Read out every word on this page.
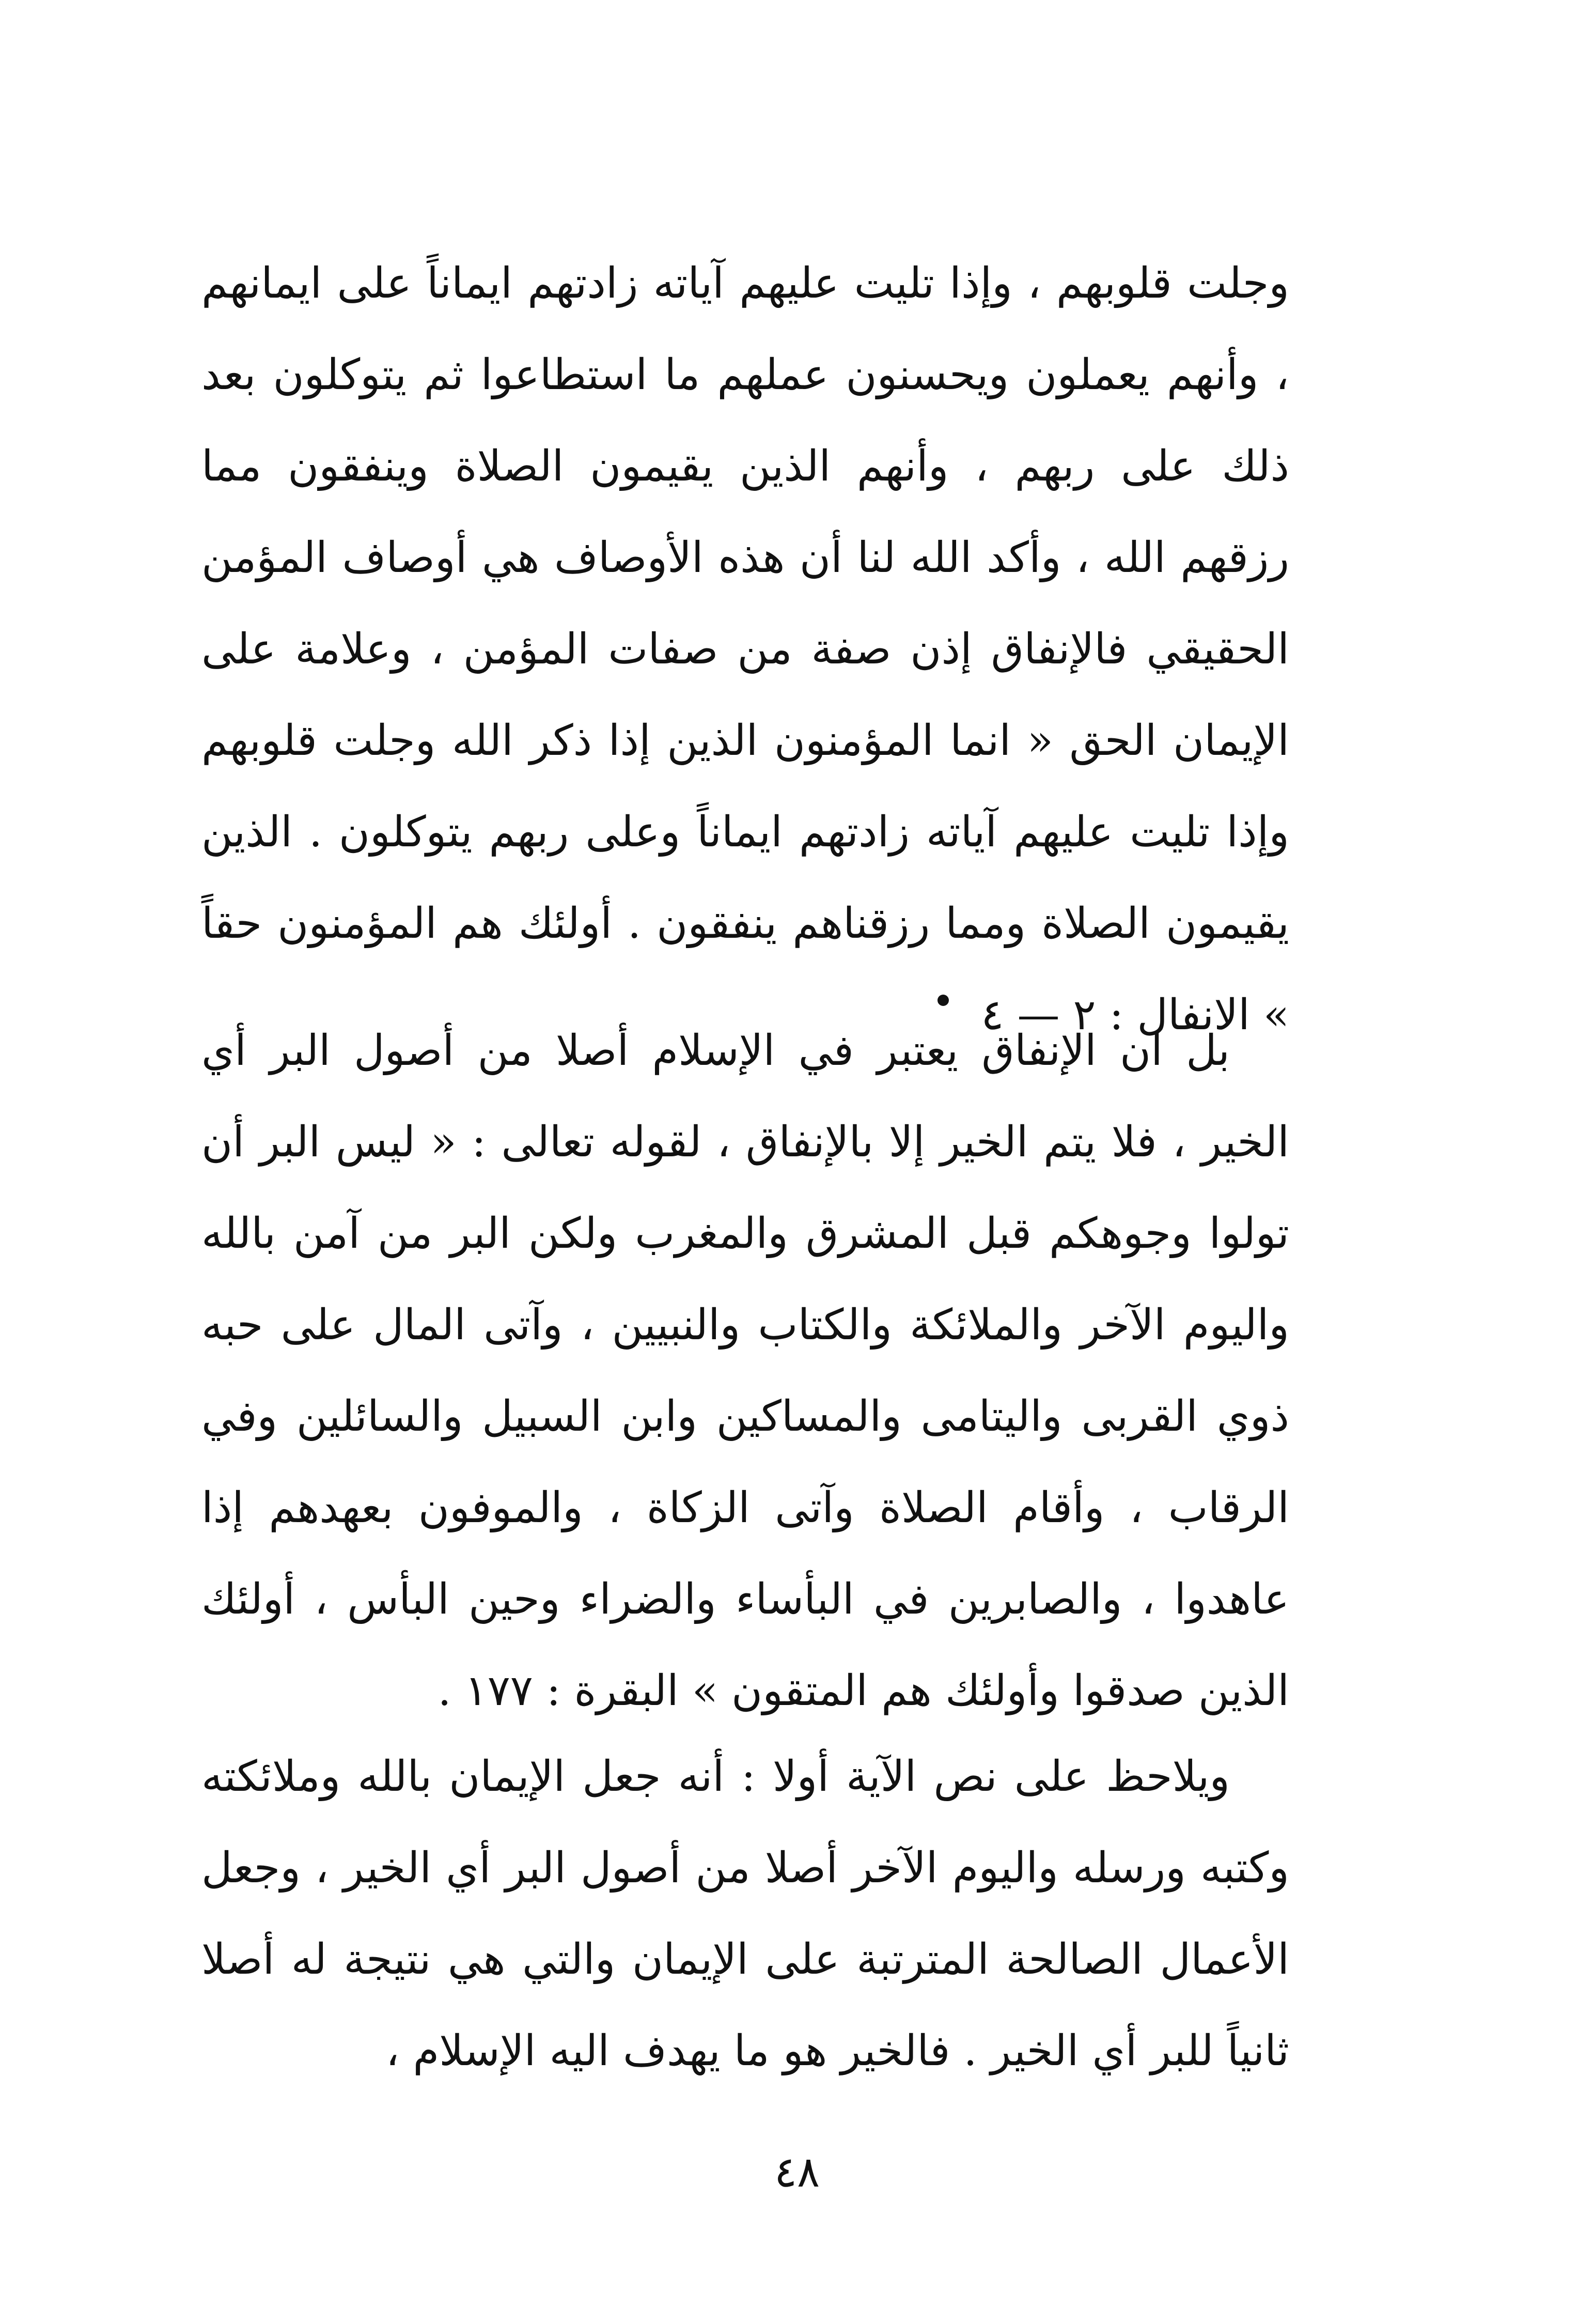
وجلت قلوبهم ، وإذا تليت عليهم آياته زادتهم ايماناً على ايمانهم ، وأنهم يعملون ويحسنون عملهم ما استطاعوا ثم يتوكلون بعد ذلك على ربهم ، وأنهم الذين يقيمون الصلاة وينفقون مما رزقهم الله ، وأكد الله لنا أن هذه الأوصاف هي أوصاف المؤمن الحقيقي فالإنفاق إذن صفة من صفات المؤمن ، وعلامة على الإيمان الحق « انما المؤمنون الذين إذا ذكر الله وجلت قلوبهم وإذا تليت عليهم آياته زادتهم ايماناً وعلى ربهم يتوكلون . الذين يقيمون الصلاة ومما رزقناهم ينفقون . أولئك هم المؤمنون حقاً » الانفال : ٢ — ٤

بل ان الإنفاق يعتبر في الإسلام أصلا من أصول البر أي الخير ، فلا يتم الخير إلا بالإنفاق ، لقوله تعالى : « ليس البر أن تولوا وجوهكم قبل المشرق والمغرب ولكن البر من آمن بالله واليوم الآخر والملائكة والكتاب والنبيين ، وآتى المال على حبه ذوي القربى واليتامى والمساكين وابن السبيل والسائلين وفي الرقاب ، وأقام الصلاة وآتى الزكاة ، والموفون بعهدهم إذا عاهدوا ، والصابرين في البأساء والضراء وحين البأس ، أولئك الذين صدقوا وأولئك هم المتقون » البقرة : ١٧٧ .

ويلاحظ على نص الآية أولا : أنه جعل الإيمان بالله وملائكته وكتبه ورسله واليوم الآخر أصلا من أصول البر أي الخير ، وجعل الأعمال الصالحة المترتبة على الإيمان والتي هي نتيجة له أصلا ثانياً للبر أي الخير . فالخير هو ما يهدف اليه الإسلام ،

٤٨
